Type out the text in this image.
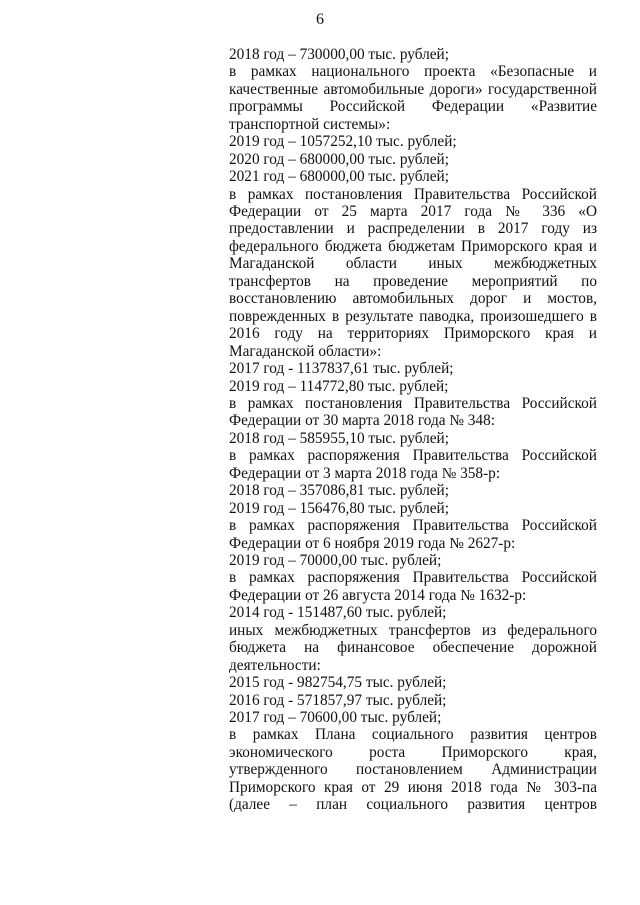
6
2018 год – 730000,00 тыс. рублей;
в рамках национального проекта «Безопасные и качественные автомобильные дороги» государственной программы Российской Федерации «Развитие транспортной системы»:
2019 год – 1057252,10 тыс. рублей;
2020 год – 680000,00 тыс. рублей;
2021 год – 680000,00 тыс. рублей;
в рамках постановления Правительства Российской Федерации от 25 марта 2017 года № 336 «О предоставлении и распределении в 2017 году из федерального бюджета бюджетам Приморского края и Магаданской области иных межбюджетных трансфертов на проведение мероприятий по восстановлению автомобильных дорог и мостов, поврежденных в результате паводка, произошедшего в 2016 году на территориях Приморского края и Магаданской области»:
2017 год - 1137837,61 тыс. рублей;
2019 год – 114772,80 тыс. рублей;
в рамках постановления Правительства Российской Федерации от 30 марта 2018 года № 348:
2018 год – 585955,10 тыс. рублей;
в рамках распоряжения Правительства Российской Федерации от 3 марта 2018 года № 358-р:
2018 год – 357086,81 тыс. рублей;
2019 год – 156476,80 тыс. рублей;
в рамках распоряжения Правительства Российской Федерации от 6 ноября 2019 года № 2627-р:
2019 год – 70000,00 тыс. рублей;
в рамках распоряжения Правительства Российской Федерации от 26 августа 2014 года № 1632-р:
2014 год - 151487,60 тыс. рублей;
иных межбюджетных трансфертов из федерального бюджета на финансовое обеспечение дорожной деятельности:
2015 год - 982754,75 тыс. рублей;
2016 год - 571857,97 тыс. рублей;
2017 год – 70600,00 тыс. рублей;
в рамках Плана социального развития центров экономического роста Приморского края, утвержденного постановлением Администрации Приморского края от 29 июня 2018 года № 303-па (далее – план социального развития центров
